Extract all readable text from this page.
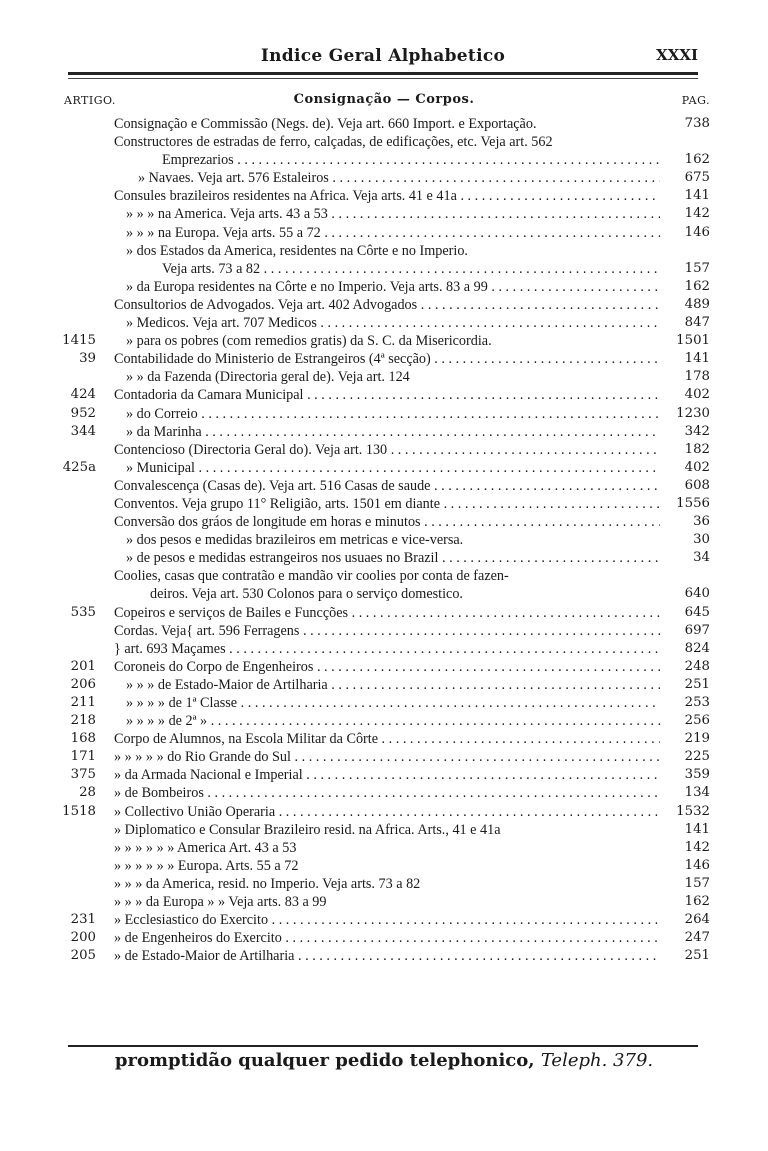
Indice Geral Alphabetico	XXXI
ARTIGO.	Consignação — Corpos.	PAG.
Consignação e Commissão (Negs. de). Veja art. 660 Import. e Exportação.	738
Constructores de estradas de ferro, calçadas, de edificações, etc. Veja art. 562
Emprezarios . . .	162
» Navaes. Veja art. 576 Estaleiros . . .	675
Consules brazileiros residentes na Africa. Veja arts. 41 e 41a . . .	141
» » » na America. Veja arts. 43 a 53 . . .	142
» » » na Europa. Veja arts. 55 a 72 . . .	146
» dos Estados da America, residentes na Côrte e no Imperio.
Veja arts. 73 a 82 . . .	157
» da Europa residentes na Côrte e no Imperio. Veja arts. 83 a 99 . . .	162
Consultorios de Advogados. Veja art. 402 Advogados . . .	489
» Medicos. Veja art. 707 Medicos . . .	847
1415 » para os pobres (com remedios gratis) da S. C. da Misericordia.	1501
39 Contabilidade do Ministerio de Estrangeiros (4ª secção) . . .	141
» » da Fazenda (Directoria geral de). Veja art. 124	178
424 Contadoria da Camara Municipal . . .	402
952 » do Correio . . .	1230
344 » da Marinha . . .	342
Contencioso (Directoria Geral do). Veja art. 130 . . .	182
425a » Municipal . . .	402
Convalescença (Casas de). Veja art. 516 Casas de saude . . .	608
Conventos. Veja grupo 11° Religião, arts. 1501 em diante . . .	1556
Conversão dos gráos de longitude em horas e minutos . . .	36
» dos pesos e medidas brazileiros em metricas e vice-versa.	30
» de pesos e medidas estrangeiros nos usuaes no Brazil . . .	34
Coolies, casas que contratão e mandão vir coolies por conta de fazen-
deiros. Veja art. 530 Colonos para o serviço domestico.	640
535 Copeiros e serviços de Bailes e Funcções . . .	645
Cordas. Veja{ art. 596 Ferragens . . .	697
} art. 693 Maçames . . .	824
201 Coroneis do Corpo de Engenheiros . . .	248
206 » » » de Estado-Maior de Artilharia . . .	251
211 » » » » de 1ª Classe . . .	253
218 » » » » de 2ª » . . .	256
168 Corpo de Alumnos, na Escola Militar da Côrte . . .	219
171 » » » » » do Rio Grande do Sul . . .	225
375 » da Armada Nacional e Imperial . . .	359
28 » de Bombeiros . . .	134
1518 » Collectivo União Operaria . . .	1532
» Diplomatico e Consular Brazileiro resid. na Africa. Arts., 41 e 41a	141
» » » » » » America Art. 43 a 53	142
» » » » » » Europa. Arts. 55 a 72	146
» » » da America, resid. no Imperio. Veja arts. 73 a 82	157
» » » da Europa » » Veja arts. 83 a 99	162
231 » Ecclesiastico do Exercito . . .	264
200 » de Engenheiros do Exercito . . .	247
205 » de Estado-Maior de Artilharia . . .	251
promptidão qualquer pedido telephonico, Teleph. 379.
